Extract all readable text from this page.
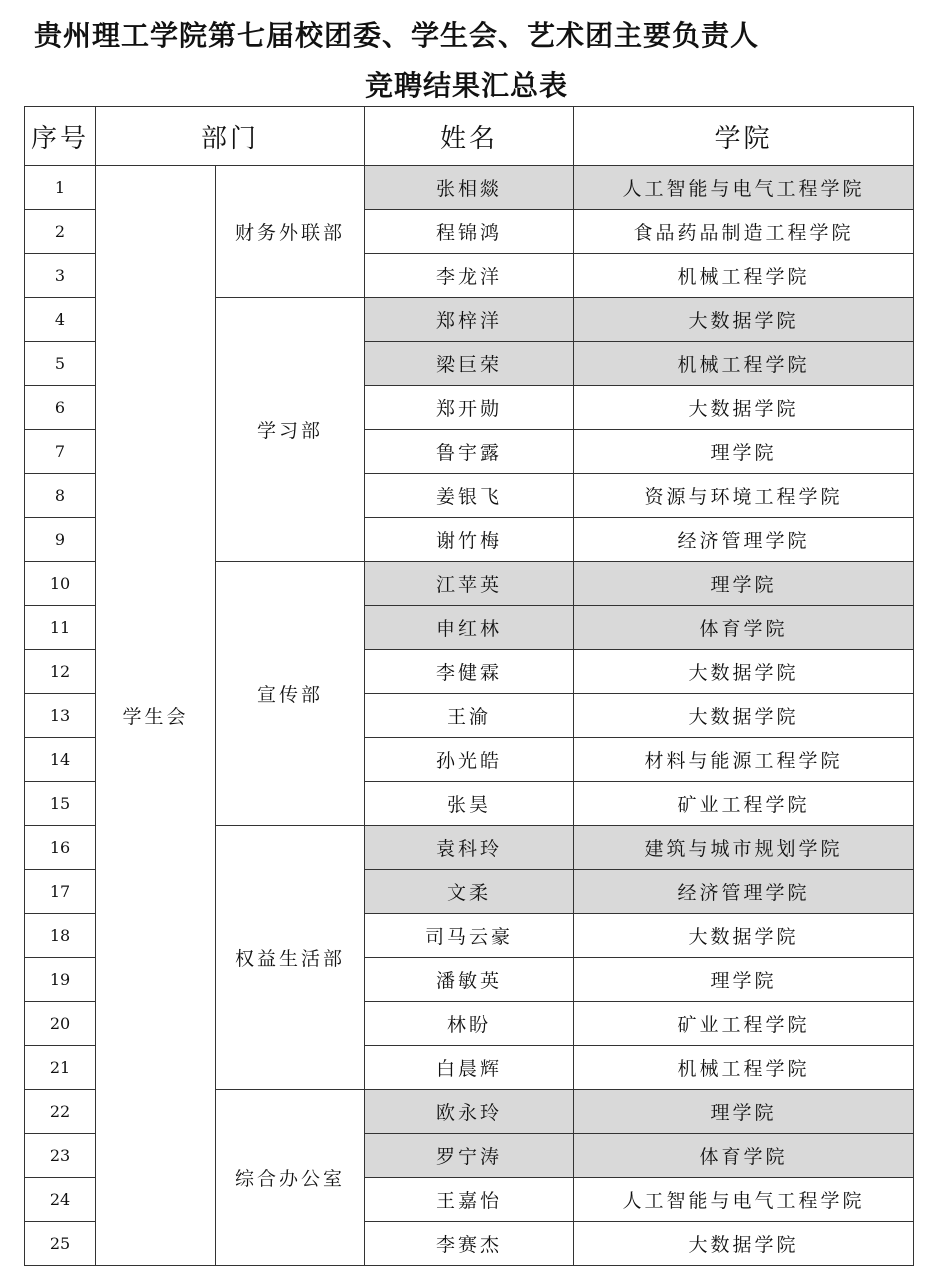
贵州理工学院第七届校团委、学生会、艺术团主要负责人
竞聘结果汇总表
序号	部门		姓名	学院
1	学生会	财务外联部	张相燚	人工智能与电气工程学院
2			程锦鸿	食品药品制造工程学院
3			李龙洋	机械工程学院
4		学习部	郑梓洋	大数据学院
5			梁巨荣	机械工程学院
6			郑开勋	大数据学院
7			鲁宇露	理学院
8			姜银飞	资源与环境工程学院
9			谢竹梅	经济管理学院
10		宣传部	江苹英	理学院
11			申红林	体育学院
12			李健霖	大数据学院
13			王渝	大数据学院
14			孙光皓	材料与能源工程学院
15			张昊	矿业工程学院
16		权益生活部	袁科玲	建筑与城市规划学院
17			文柔	经济管理学院
18			司马云豪	大数据学院
19			潘敏英	理学院
20			林盼	矿业工程学院
21			白晨辉	机械工程学院
22		综合办公室	欧永玲	理学院
23			罗宁涛	体育学院
24			王嘉怡	人工智能与电气工程学院
25			李赛杰	大数据学院
